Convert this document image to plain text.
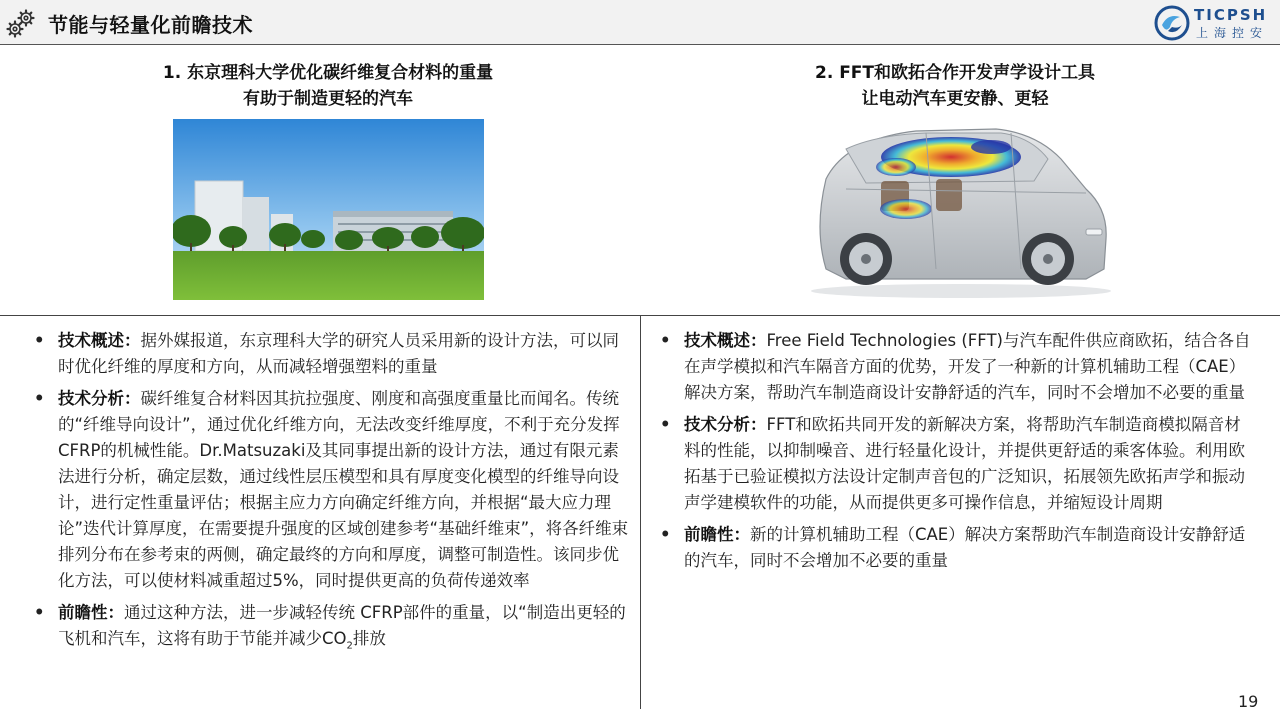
节能与轻量化前瞻技术	TICPSH
上海控安
1. 东京理科大学优化碳纤维复合材料的重量
有助于制造更轻的汽车
2. FFT和欧拓合作开发声学设计工具
让电动汽车更安静、更轻
• 技术概述：据外媒报道，东京理科大学的研究人员采用新的设计方法，可以同时优化纤维的厚度和方向，从而减轻增强塑料的重量
• 技术分析：碳纤维复合材料因其抗拉强度、刚度和高强度重量比而闻名。传统的“纤维导向设计”，通过优化纤维方向，无法改变纤维厚度，不利于充分发挥CFRP的机械性能。Dr.Matsuzaki及其同事提出新的设计方法，通过有限元素法进行分析，确定层数，通过线性层压模型和具有厚度变化模型的纤维导向设计，进行定性重量评估；根据主应力方向确定纤维方向，并根据“最大应力理论”迭代计算厚度，在需要提升强度的区域创建参考“基础纤维束”，将各纤维束排列分布在参考束的两侧，确定最终的方向和厚度，调整可制造性。该同步优化方法，可以使材料减重超过5%，同时提供更高的负荷传递效率
• 前瞻性：通过这种方法，进一步减轻传统 CFRP部件的重量，以“制造出更轻的飞机和汽车，这将有助于节能并减少$CO_2$排放
• 技术概述：Free Field Technologies (FFT)与汽车配件供应商欧拓，结合各自在声学模拟和汽车隔音方面的优势，开发了一种新的计算机辅助工程（CAE）解决方案，帮助汽车制造商设计安静舒适的汽车，同时不会增加不必要的重量
• 技术分析：FFT和欧拓共同开发的新解决方案，将帮助汽车制造商模拟隔音材料的性能，以抑制噪音、进行轻量化设计，并提供更舒适的乘客体验。利用欧拓基于已验证模拟方法设计定制声音包的广泛知识，拓展领先欧拓声学和振动声学建模软件的功能，从而提供更多可操作信息，并缩短设计周期
• 前瞻性：新的计算机辅助工程（CAE）解决方案帮助汽车制造商设计安静舒适的汽车，同时不会增加不必要的重量
19
